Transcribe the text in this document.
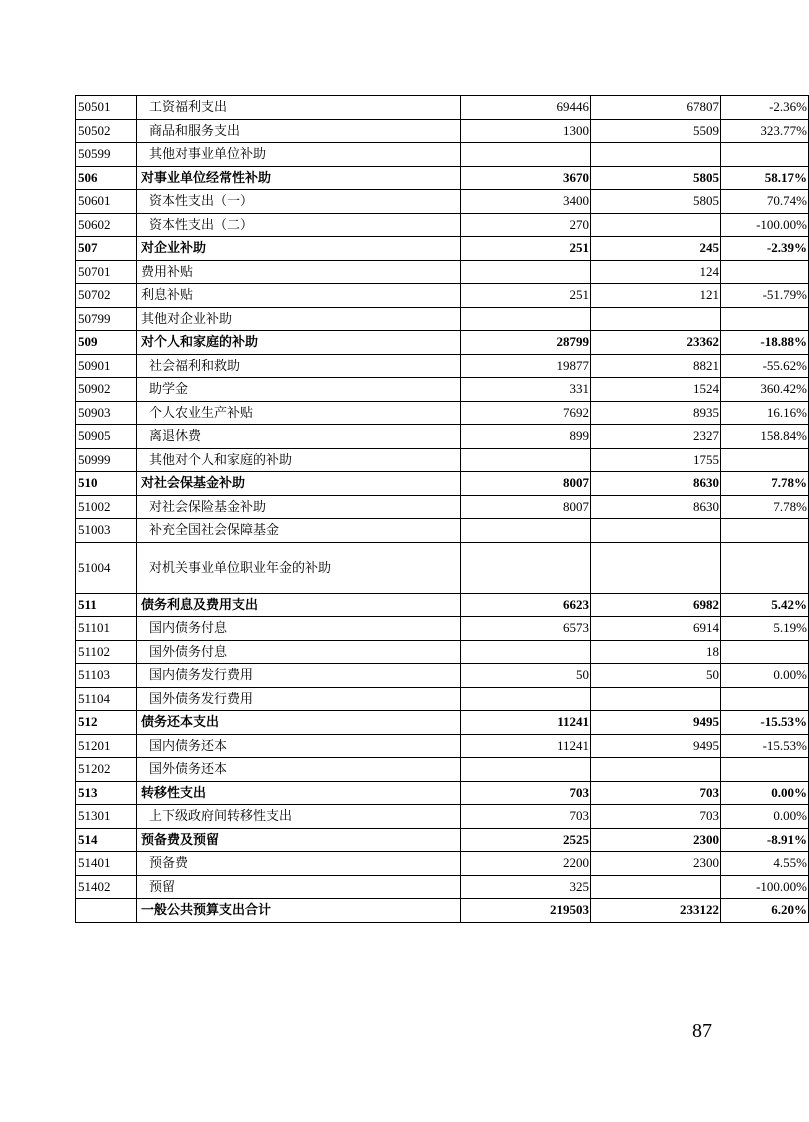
50501	工资福利支出	69446	67807	-2.36%
50502	商品和服务支出	1300	5509	323.77%
50599	其他对事业单位补助			
506	对事业单位经常性补助	3670	5805	58.17%
50601	资本性支出（一）	3400	5805	70.74%
50602	资本性支出（二）	270		-100.00%
507	对企业补助	251	245	-2.39%
50701	费用补贴		124	
50702	利息补贴	251	121	-51.79%
50799	其他对企业补助			
509	对个人和家庭的补助	28799	23362	-18.88%
50901	社会福利和救助	19877	8821	-55.62%
50902	助学金	331	1524	360.42%
50903	个人农业生产补贴	7692	8935	16.16%
50905	离退休费	899	2327	158.84%
50999	其他对个人和家庭的补助		1755	
510	对社会保基金补助	8007	8630	7.78%
51002	对社会保险基金补助	8007	8630	7.78%
51003	补充全国社会保障基金			
51004	对机关事业单位职业年金的补助			
511	债务利息及费用支出	6623	6982	5.42%
51101	国内债务付息	6573	6914	5.19%
51102	国外债务付息		18	
51103	国内债务发行费用	50	50	0.00%
51104	国外债务发行费用			
512	债务还本支出	11241	9495	-15.53%
51201	国内债务还本	11241	9495	-15.53%
51202	国外债务还本			
513	转移性支出	703	703	0.00%
51301	上下级政府间转移性支出	703	703	0.00%
514	预备费及预留	2525	2300	-8.91%
51401	预备费	2200	2300	4.55%
51402	预留	325		-100.00%
	一般公共预算支出合计	219503	233122	6.20%
87
